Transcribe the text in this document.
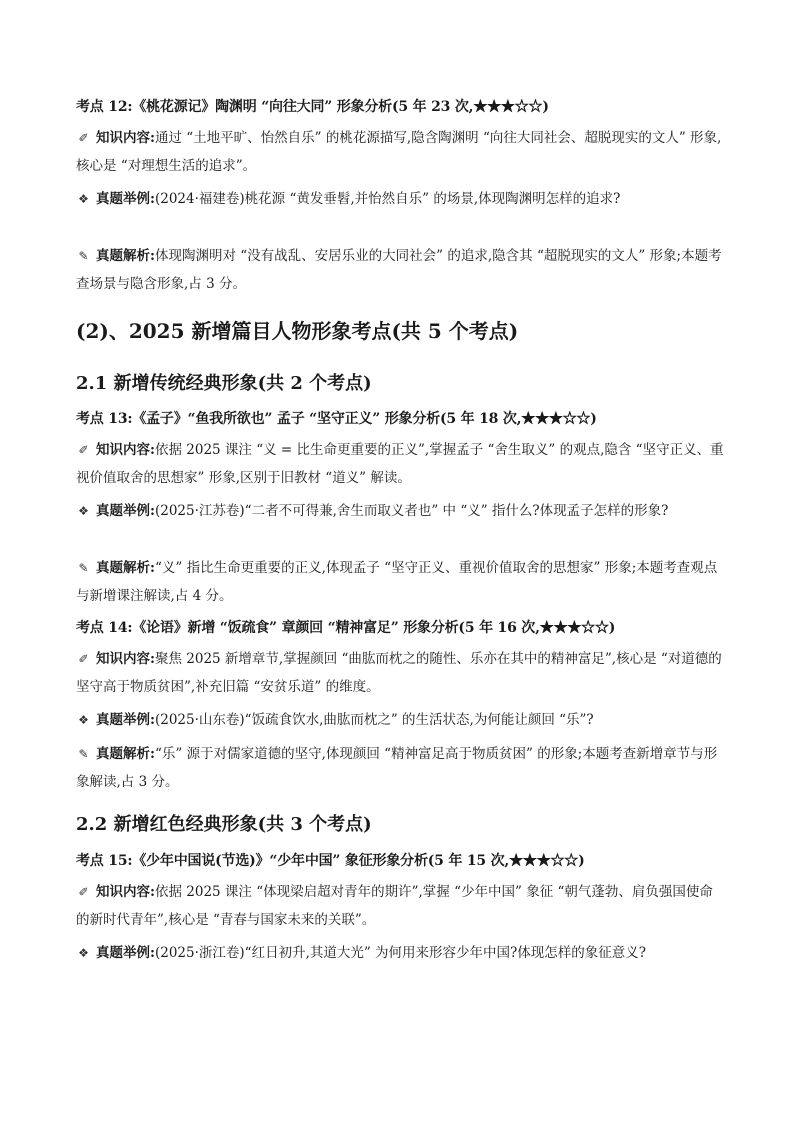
考点 12:《桃花源记》陶渊明 “向往大同” 形象分析(5 年 23 次,★★★☆☆)
✐ 知识内容:通过 “土地平旷、怡然自乐” 的桃花源描写,隐含陶渊明 “向往大同社会、超脱现实的文人” 形象,核心是 “对理想生活的追求”。
❖ 真题举例:(2024·福建卷)桃花源 “黄发垂髫,并怡然自乐” 的场景,体现陶渊明怎样的追求?
✎ 真题解析:体现陶渊明对 “没有战乱、安居乐业的大同社会” 的追求,隐含其 “超脱现实的文人” 形象;本题考查场景与隐含形象,占 3 分。
(2)、2025 新增篇目人物形象考点(共 5 个考点)
2.1 新增传统经典形象(共 2 个考点)
考点 13:《孟子》“鱼我所欲也” 孟子 “坚守正义” 形象分析(5 年 18 次,★★★☆☆)
✐ 知识内容:依据 2025 课注 “义 = 比生命更重要的正义”,掌握孟子 “舍生取义” 的观点,隐含 “坚守正义、重视价值取舍的思想家” 形象,区别于旧教材 “道义” 解读。
❖ 真题举例:(2025·江苏卷)“二者不可得兼,舍生而取义者也” 中 “义” 指什么?体现孟子怎样的形象?
✎ 真题解析:“义” 指比生命更重要的正义,体现孟子 “坚守正义、重视价值取舍的思想家” 形象;本题考查观点与新增课注解读,占 4 分。
考点 14:《论语》新增 “饭疏食” 章颜回 “精神富足” 形象分析(5 年 16 次,★★★☆☆)
✐ 知识内容:聚焦 2025 新增章节,掌握颜回 “曲肱而枕之的随性、乐亦在其中的精神富足”,核心是 “对道德的坚守高于物质贫困”,补充旧篇 “安贫乐道” 的维度。
❖ 真题举例:(2025·山东卷)“饭疏食饮水,曲肱而枕之” 的生活状态,为何能让颜回 “乐”?
✎ 真题解析:“乐” 源于对儒家道德的坚守,体现颜回 “精神富足高于物质贫困” 的形象;本题考查新增章节与形象解读,占 3 分。
2.2 新增红色经典形象(共 3 个考点)
考点 15:《少年中国说(节选)》“少年中国” 象征形象分析(5 年 15 次,★★★☆☆)
✐ 知识内容:依据 2025 课注 “体现梁启超对青年的期许”,掌握 “少年中国” 象征 “朝气蓬勃、肩负强国使命的新时代青年”,核心是 “青春与国家未来的关联”。
❖ 真题举例:(2025·浙江卷)“红日初升,其道大光” 为何用来形容少年中国?体现怎样的象征意义?
